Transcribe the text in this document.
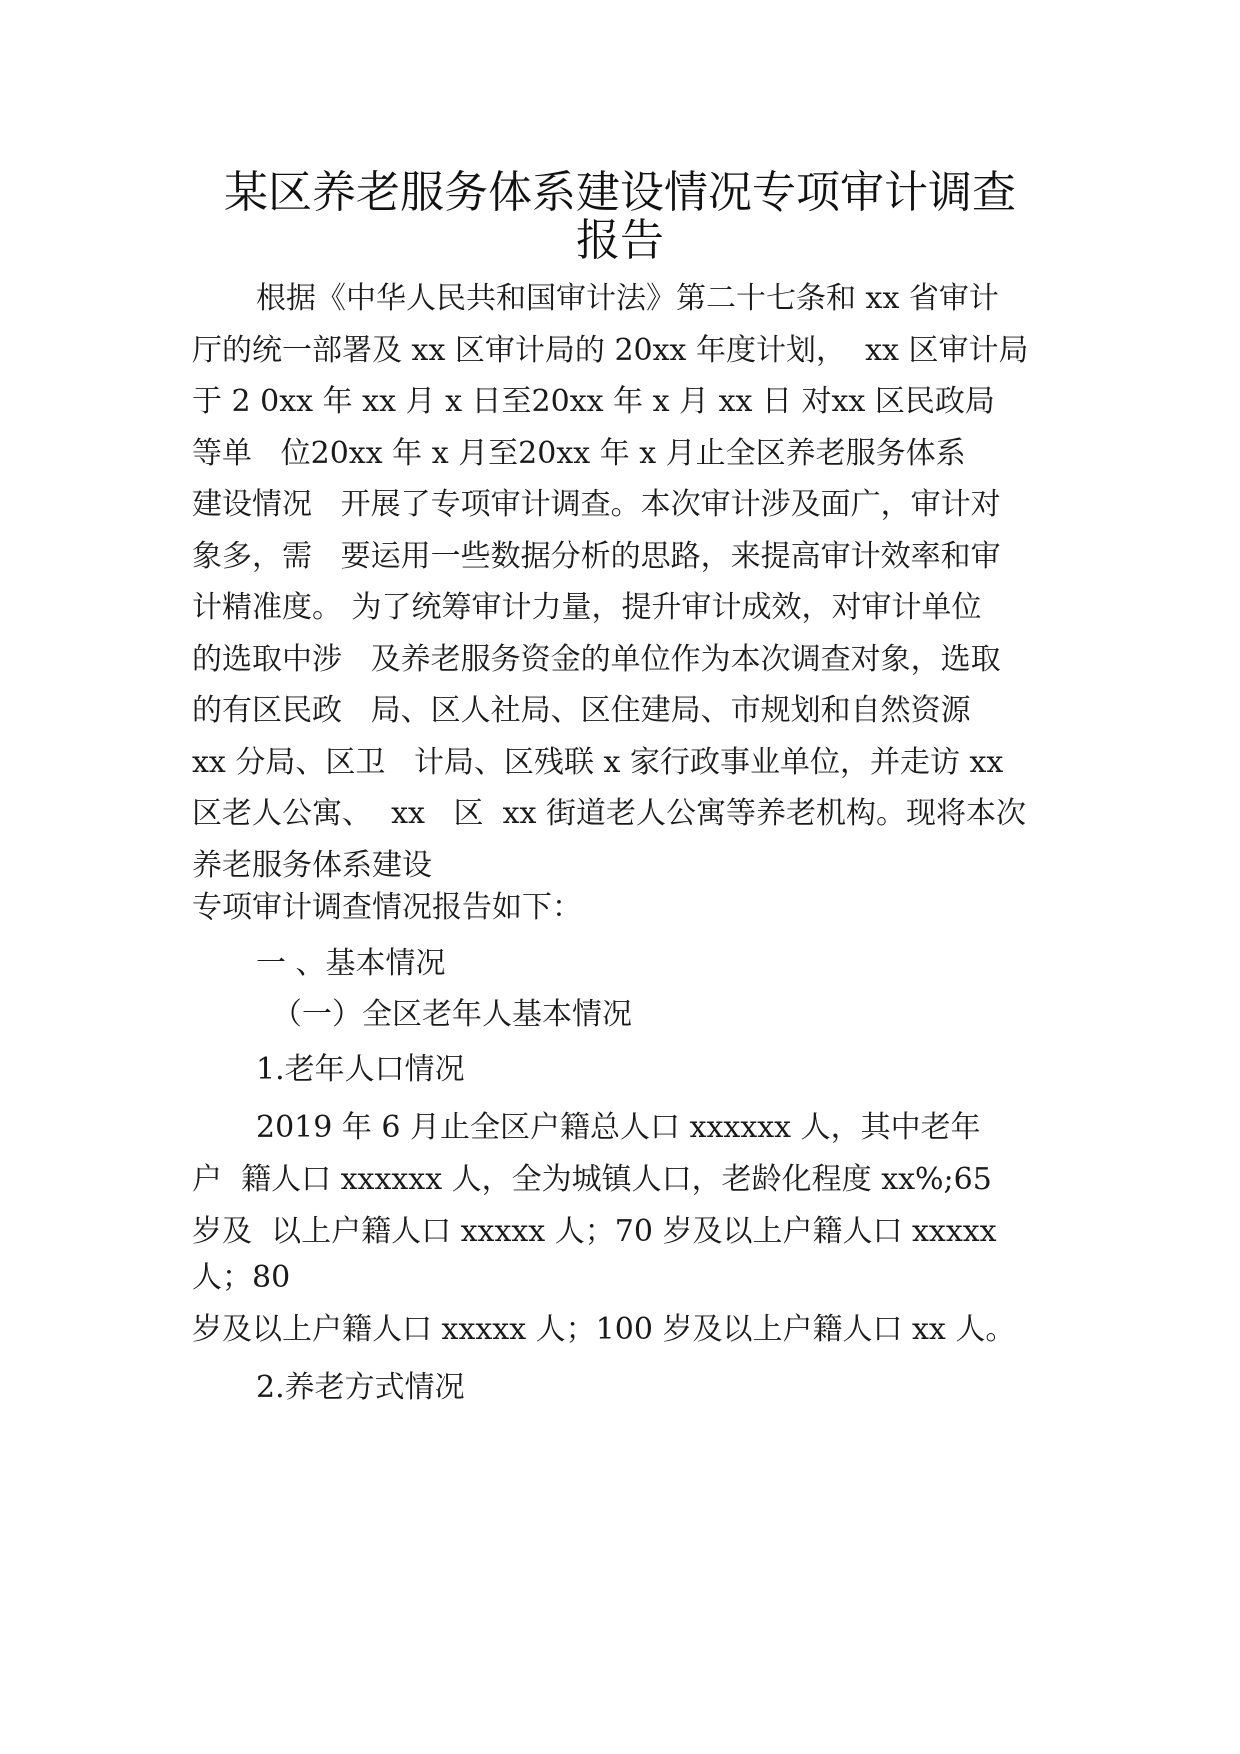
某区养老服务体系建设情况专项审计调查
报告
根据《中华人民共和国审计法》第二十七条和 xx 省审计
厅的统一部署及 xx 区审计局的 20xx 年度计划，  xx 区审计局
于 2 0xx 年 xx 月 x 日至20xx 年 x 月 xx 日 对xx 区民政局
等单   位20xx 年 x 月至20xx 年 x 月止全区养老服务体系
建设情况   开展了专项审计调查。本次审计涉及面广，审计对
象多，需   要运用一些数据分析的思路，来提高审计效率和审
计精准度。 为了统筹审计力量，提升审计成效，对审计单位
的选取中涉   及养老服务资金的单位作为本次调查对象，选取
的有区民政   局、区人社局、区住建局、市规划和自然资源
xx 分局、区卫   计局、区残联 x 家行政事业单位，并走访 xx
区老人公寓、  xx   区  xx 街道老人公寓等养老机构。现将本次
养老服务体系建设
专项审计调查情况报告如下：
一 、基本情况
（一）全区老年人基本情况
1.老年人口情况
2019 年 6 月止全区户籍总人口 xxxxxx 人，其中老年
户  籍人口 xxxxxx 人，全为城镇人口，老龄化程度 xx%;65
岁及  以上户籍人口 xxxxx 人；70 岁及以上户籍人口 xxxxx
人；80
岁及以上户籍人口 xxxxx 人；100 岁及以上户籍人口 xx 人。
2.养老方式情况
